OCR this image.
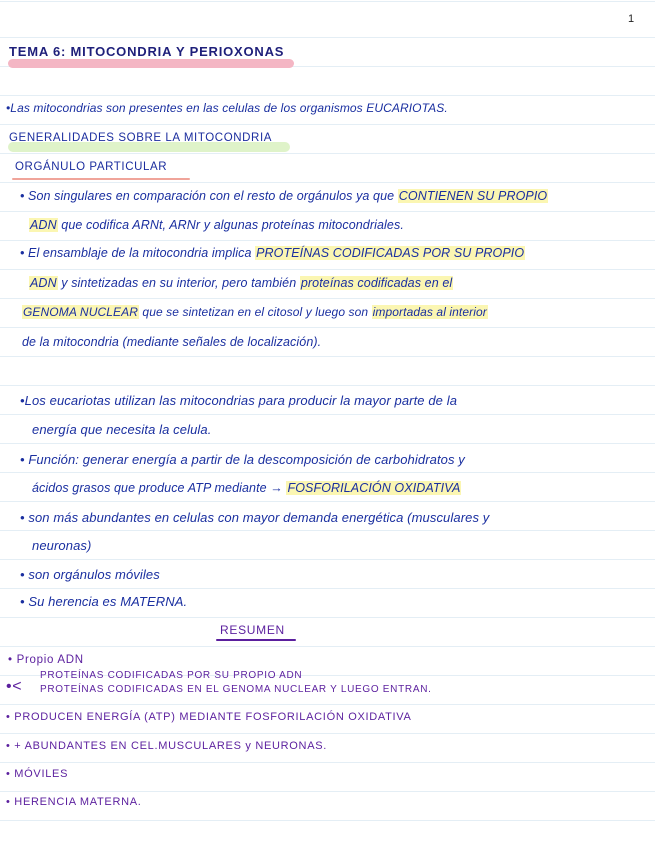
1
TEMA 6: MITOCONDRIA Y PERIOXONAS
•Las mitocondrias son presentes en las celulas de los organismos EUCARIOTAS.
GENERALIDADES SOBRE LA MITOCONDRIA
ORGÁNULO PARTICULAR
• Son singulares en comparación con el resto de orgánulos ya que CONTIENEN SU PROPIO
ADN que codifica ARNt, ARNr y algunas proteínas mitocondriales.
• El ensamblaje de la mitocondria implica PROTEÍNAS CODIFICADAS POR SU PROPIO
ADN y sintetizadas en su interior, pero también proteínas codificadas en el
GENOMA NUCLEAR que se sintetizan en el citosol y luego son importadas al interior
de la mitocondria (mediante señales de localización).
•Los eucariotas utilizan las mitocondrias para producir la mayor parte de la
energía que necesita la celula.
• Función: generar energía a partir de la descomposición de carbohidratos y
ácidos grasos que produce ATP mediante → FOSFORILACIÓN OXIDATIVA
• son más abundantes en celulas con mayor demanda energética (musculares y
neuronas)
• son orgánulos móviles
• Su herencia es MATERNA.
RESUMEN
• Propio ADN
•<
PROTEÍNAS CODIFICADAS POR SU PROPIO ADN
PROTEÍNAS CODIFICADAS EN EL GENOMA NUCLEAR Y LUEGO ENTRAN.
• PRODUCEN ENERGÍA (ATP) MEDIANTE FOSFORILACIÓN OXIDATIVA
• + ABUNDANTES EN CEL.MUSCULARES y NEURONAS.
• MÓVILES
• HERENCIA MATERNA.
